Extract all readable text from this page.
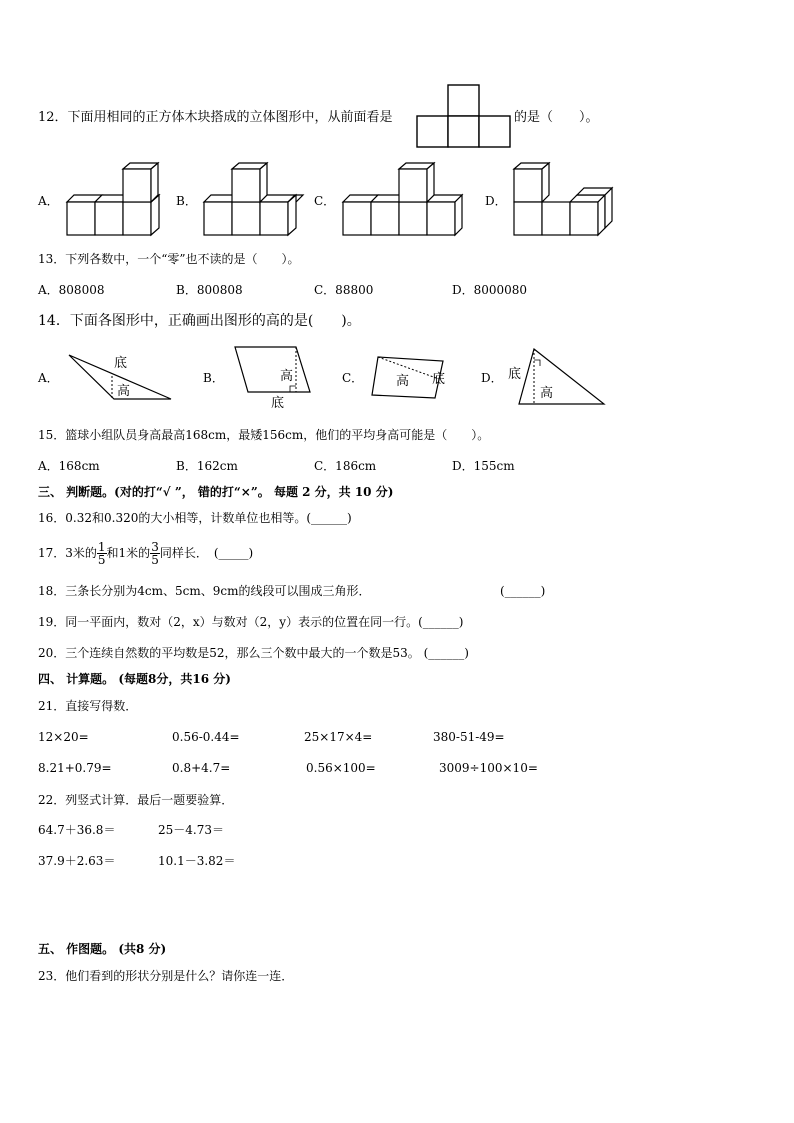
12．下面用相同的正方体木块搭成的立体图形中，从前面看是	的是（　　）。
A．	B．	C．	D．
13．下列各数中，一个“零”也不读的是（　　）。
A．808008	B．800808	C．88800	D．8000080
14．下面各图形中，正确画出图形的高的是(　　)。
A．	B．	C．	D．
底
高
高
底
高 底	底
高
15．篮球小组队员身高最高168cm，最矮156cm，他们的平均身高可能是（　　）。
A．168cm	B．162cm	C．186cm	D．155cm
三、 判断题。(对的打“√ ”， 错的打“×”。 每题 2 分，共 10 分)
16．0.32和0.320的大小相等，计数单位也相等。(______)
17．3米的 $\frac{1}{5}$ 和1米的 $\frac{3}{5}$ 同样长．　(_____)
18．三条长分别为4cm、5cm、9cm的线段可以围成三角形．	(______)
19．同一平面内，数对（2，x）与数对（2，y）表示的位置在同一行。(______)
20．三个连续自然数的平均数是52，那么三个数中最大的一个数是53。 (______)
四、 计算题。 (每题8分，共16 分)
21．直接写得数．
12×20=	0.56-0.44=	25×17×4=	380-51-49=
8.21+0.79=	0.8+4.7=	0.56×100=	3009÷100×10=
22．列竖式计算．最后一题要验算．
64.7＋36.8＝	25－4.73＝
37.9＋2.63＝	10.1－3.82＝
五、 作图题。 (共8 分)
23．他们看到的形状分别是什么？请你连一连．
